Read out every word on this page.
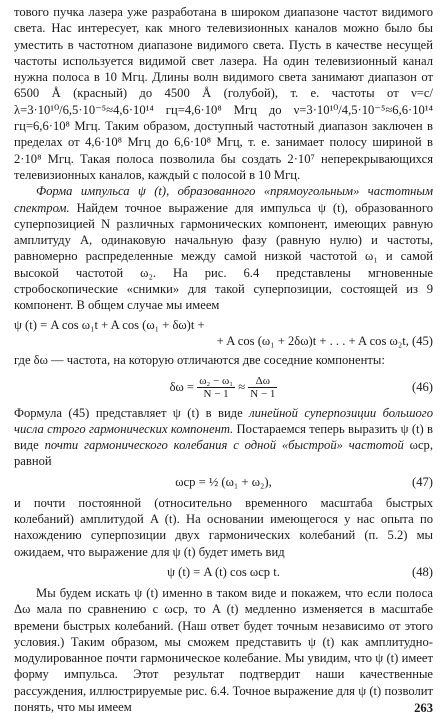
тового пучка лазера уже разработана в широком диапазоне частот видимого света. Нас интересует, как много телевизионных каналов можно было бы уместить в частотном диапазоне видимого света. Пусть в качестве несущей частоты используется видимой свет лазера. На один телевизионный канал нужна полоса в 10 Мгц. Длины волн видимого света занимают диапазон от 6500 Å (красный) до 4500 Å (голубой), т. е. частоты от ν=c/λ=3·10¹⁰/6,5·10⁻⁵≈4,6·10¹⁴ гц=4,6·10⁸ Мгц до ν=3·10¹⁰/4,5·10⁻⁵≈6,6·10¹⁴ гц=6,6·10⁸ Мгц. Таким образом, доступный частотный диапазон заключен в пределах от 4,6·10⁸ Мгц до 6,6·10⁸ Мгц, т. е. занимает полосу шириной в 2·10⁸ Мгц. Такая полоса позволила бы создать 2·10⁷ неперекрывающихся телевизионных каналов, каждый с полосой в 10 Мгц.

Форма импульса ψ (t), образованного «прямоугольным» частотным спектром. Найдем точное выражение для импульса ψ (t), образованного суперпозицией N различных гармонических компонент, имеющих равную амплитуду A, одинаковую начальную фазу (равную нулю) и частоты, равномерно распределенные между самой низкой частотой ω₁ и самой высокой частотой ω₂. На рис. 6.4 представлены мгновенные стробоскопические «снимки» для такой суперпозиции, состоящей из 9 компонент. В общем случае мы имеем

ψ (t) = A cos ω₁t + A cos (ω₁ + δω)t +
+ A cos (ω₁ + 2δω)t + . . . + A cos ω₂t, (45)

где δω — частота, на которую отличаются две соседние компоненты:

$\delta\omega = \frac{\text{ω₂ − ω₁}}{N - 1} \approx \frac{\Delta\omega}{N - 1}$	(46)

Формула (45) представляет ψ (t) в виде линейной суперпозиции большого числа строго гармонических компонент. Постараемся теперь выразить ψ (t) в виде почти гармонического колебания с одной «быстрой» частотой ωср, равной

ωср = ½ (ω₁ + ω₂),	(47)

и почти постоянной (относительно временного масштаба быстрых колебаний) амплитудой A (t). На основании имеющегося у нас опыта по нахождению суперпозиции двух гармонических колебаний (п. 5.2) мы ожидаем, что выражение для ψ (t) будет иметь вид

ψ (t) = A (t) cos ωср t.	(48)

Мы будем искать ψ (t) именно в таком виде и покажем, что если полоса Δω мала по сравнению с ωср, то A (t) медленно изменяется в масштабе времени быстрых колебаний. (Наш ответ будет точным независимо от этого условия.) Таким образом, мы сможем представить ψ (t) как амплитудно-модулированное почти гармоническое колебание. Мы увидим, что ψ (t) имеет форму импульса. Этот результат подтвердит наши качественные рассуждения, иллюстрируемые рис. 6.4. Точное выражение для ψ (t) позволит понять, что мы имеем	263
